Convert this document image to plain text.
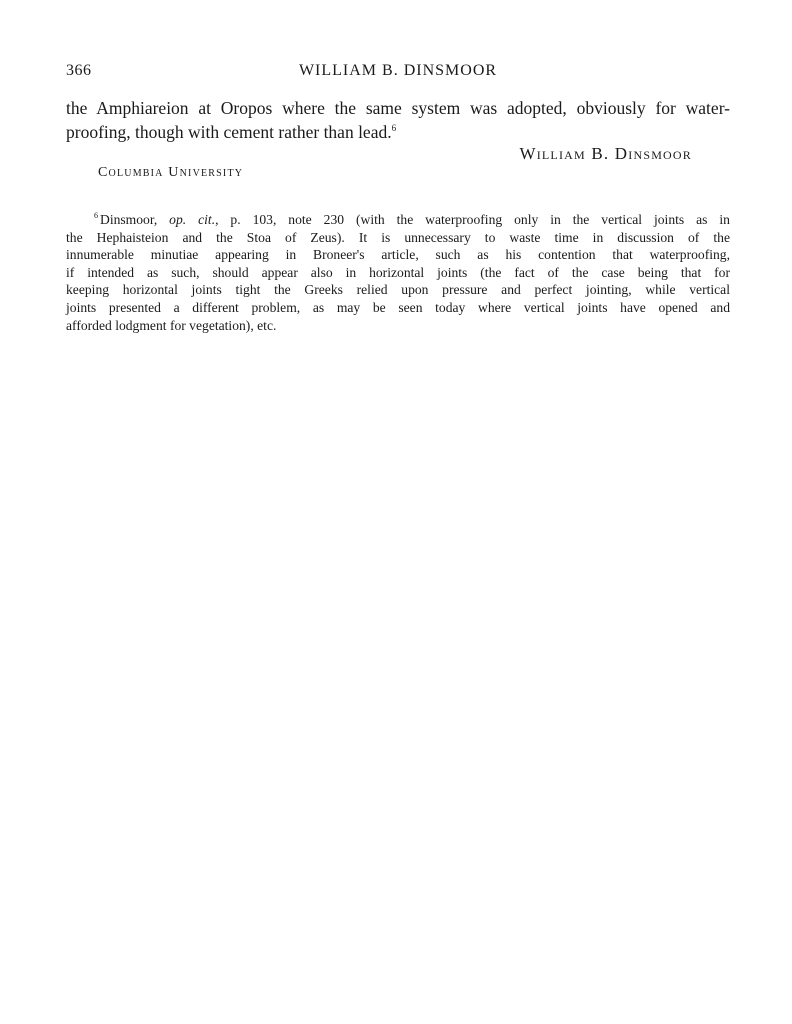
366	WILLIAM B. DINSMOOR
the Amphiareion at Oropos where the same system was adopted, obviously for water-
proofing, though with cement rather than lead.$^6$
William B. Dinsmoor
Columbia University
$^6$ Dinsmoor, op. cit., p. 103, note 230 (with the waterproofing only in the vertical joints as in
the Hephaisteion and the Stoa of Zeus). It is unnecessary to waste time in discussion of the
innumerable minutiae appearing in Broneer's article, such as his contention that waterproofing,
if intended as such, should appear also in horizontal joints (the fact of the case being that for
keeping horizontal joints tight the Greeks relied upon pressure and perfect jointing, while vertical
joints presented a different problem, as may be seen today where vertical joints have opened and
afforded lodgment for vegetation), etc.
